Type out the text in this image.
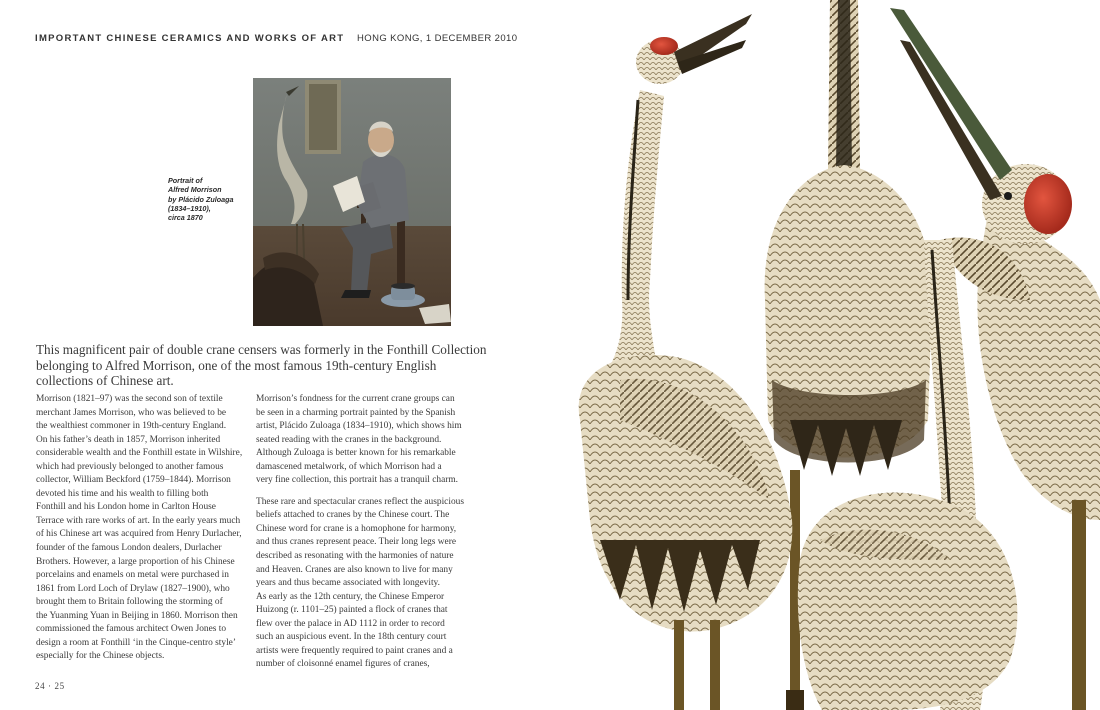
IMPORTANT CHINESE CERAMICS AND WORKS OF ART HONG KONG, 1 DECEMBER 2010
Portrait of
Alfred Morrison
by Plácido Zuloaga
(1834–1910),
circa 1870
This magnificent pair of double crane censers was formerly in the Fonthill Collection
belonging to Alfred Morrison, one of the most famous 19th-century English
collections of Chinese art.
Morrison (1821–97) was the second son of textile
merchant James Morrison, who was believed to be
the wealthiest commoner in 19th-century England.
On his father’s death in 1857, Morrison inherited
considerable wealth and the Fonthill estate in Wilshire,
which had previously belonged to another famous
collector, William Beckford (1759–1844). Morrison
devoted his time and his wealth to filling both
Fonthill and his London home in Carlton House
Terrace with rare works of art. In the early years much
of his Chinese art was acquired from Henry Durlacher,
founder of the famous London dealers, Durlacher
Brothers. However, a large proportion of his Chinese
porcelains and enamels on metal were purchased in
1861 from Lord Loch of Drylaw (1827–1900), who
brought them to Britain following the storming of
the Yuanming Yuan in Beijing in 1860. Morrison then
commissioned the famous architect Owen Jones to
design a room at Fonthill ‘in the Cinque-centro style’
especially for the Chinese objects.
Morrison’s fondness for the current crane groups can
be seen in a charming portrait painted by the Spanish
artist, Plácido Zuloaga (1834–1910), which shows him
seated reading with the cranes in the background.
Although Zuloaga is better known for his remarkable
damascened metalwork, of which Morrison had a
very fine collection, this portrait has a tranquil charm.
These rare and spectacular cranes reflect the auspicious
beliefs attached to cranes by the Chinese court. The
Chinese word for crane is a homophone for harmony,
and thus cranes represent peace. Their long legs were
described as resonating with the harmonies of nature
and Heaven. Cranes are also known to live for many
years and thus became associated with longevity.
As early as the 12th century, the Chinese Emperor
Huizong (r. 1101–25) painted a flock of cranes that
flew over the palace in AD 1112 in order to record
such an auspicious event. In the 18th century court
artists were frequently required to paint cranes and a
number of cloisonné enamel figures of cranes,
24 · 25
